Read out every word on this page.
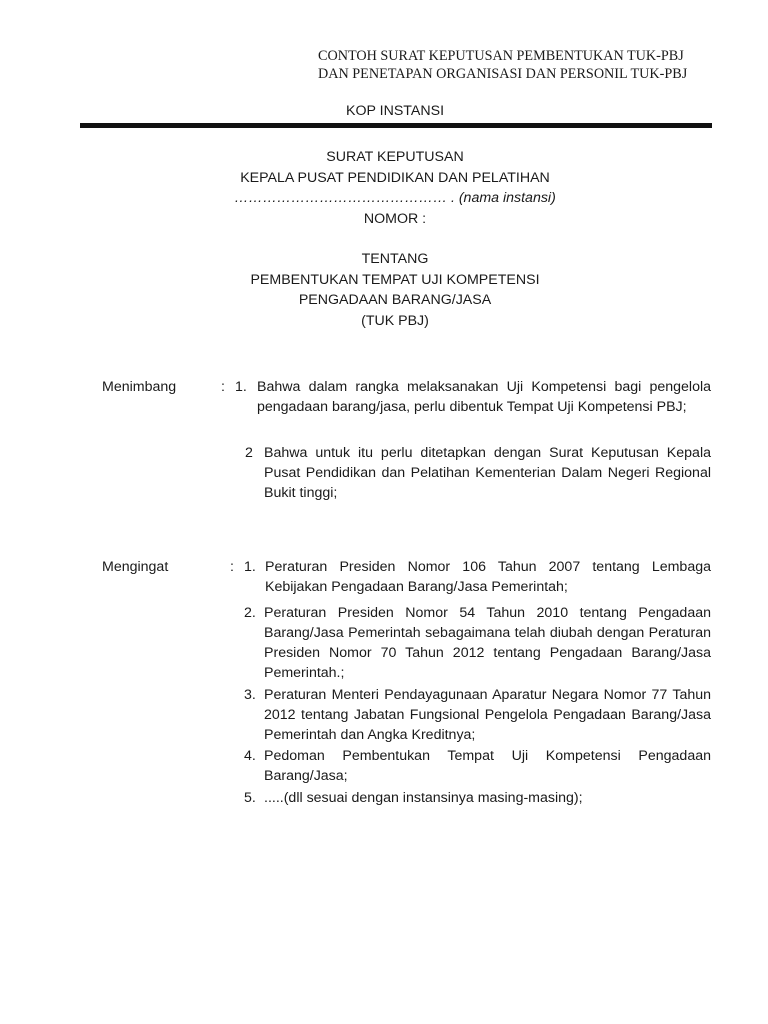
CONTOH SURAT KEPUTUSAN PEMBENTUKAN TUK-PBJ
DAN PENETAPAN ORGANISASI DAN PERSONIL TUK-PBJ
KOP INSTANSI
SURAT KEPUTUSAN
KEPALA PUSAT PENDIDIKAN DAN PELATIHAN
……………………………………… . (nama instansi)
NOMOR :
TENTANG
PEMBENTUKAN TEMPAT UJI KOMPETENSI
PENGADAAN BARANG/JASA
(TUK PBJ)
Menimbang	: 1. Bahwa dalam rangka melaksanakan Uji Kompetensi bagi pengelola pengadaan barang/jasa, perlu dibentuk Tempat Uji Kompetensi PBJ;
2 Bahwa untuk itu perlu ditetapkan dengan Surat Keputusan Kepala Pusat Pendidikan dan Pelatihan Kementerian Dalam Negeri Regional Bukit tinggi;
Mengingat	: 1. Peraturan Presiden Nomor 106 Tahun 2007 tentang Lembaga Kebijakan Pengadaan Barang/Jasa Pemerintah;
2. Peraturan Presiden Nomor 54 Tahun 2010 tentang Pengadaan Barang/Jasa Pemerintah sebagaimana telah diubah dengan Peraturan Presiden Nomor 70 Tahun 2012 tentang Pengadaan Barang/Jasa Pemerintah.;
3. Peraturan Menteri Pendayagunaan Aparatur Negara Nomor 77 Tahun 2012 tentang Jabatan Fungsional Pengelola Pengadaan Barang/Jasa Pemerintah dan Angka Kreditnya;
4. Pedoman Pembentukan Tempat Uji Kompetensi Pengadaan Barang/Jasa;
5. .....(dll sesuai dengan instansinya masing-masing);
